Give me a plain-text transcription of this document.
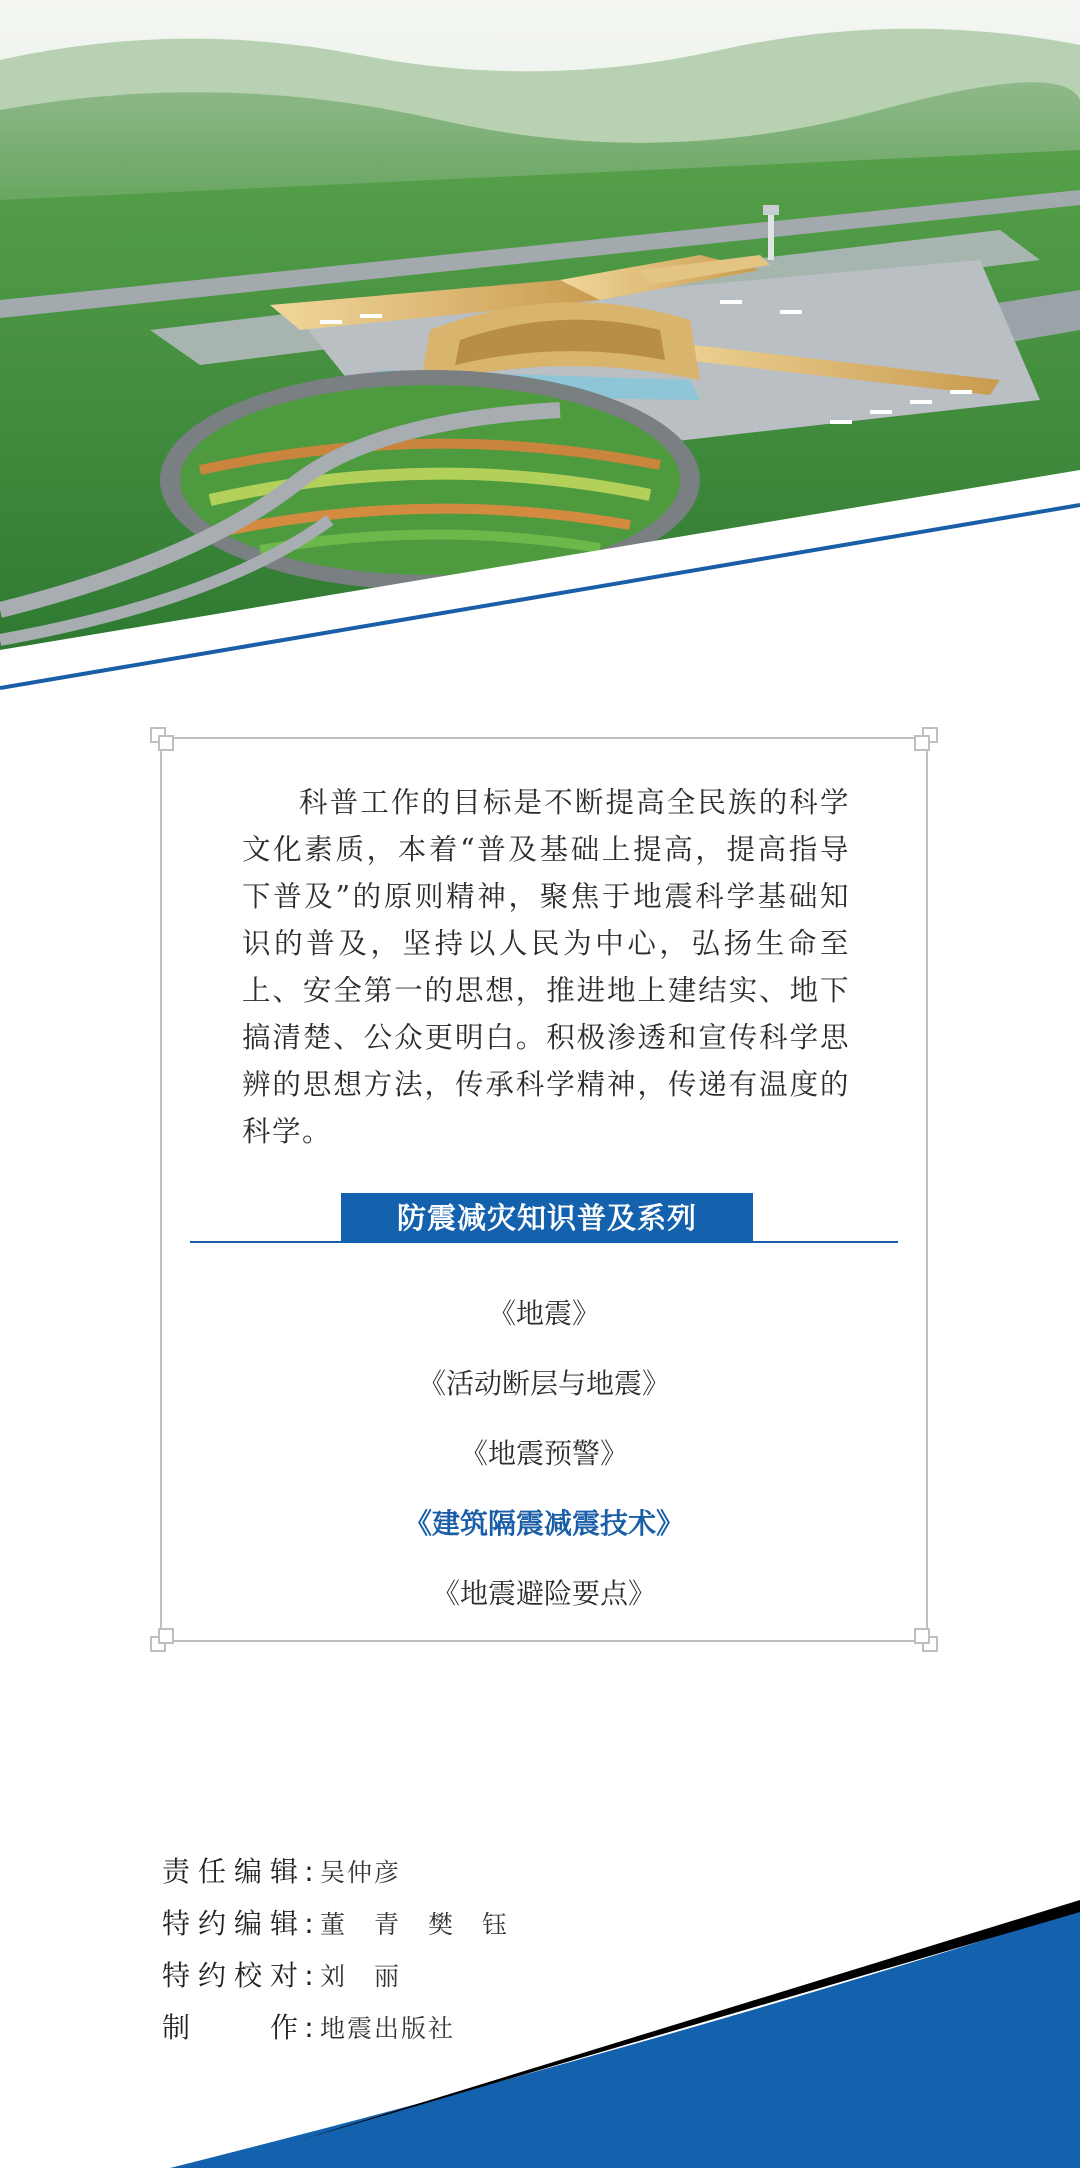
科普工作的目标是不断提高全民族的科学文化素质，本着“普及基础上提高，提高指导下普及”的原则精神，聚焦于地震科学基础知识的普及，坚持以人民为中心，弘扬生命至上、安全第一的思想，推进地上建结实、地下搞清楚、公众更明白。积极渗透和宣传科学思辨的思想方法，传承科学精神，传递有温度的科学。

防震减灾知识普及系列
《地震》
《活动断层与地震》
《地震预警》
《建筑隔震减震技术》
《地震避险要点》
责任编辑 : 吴仲彦
特约编辑 : 董　青　樊　钰
特约校对 : 刘　丽
制　　作 : 地震出版社
